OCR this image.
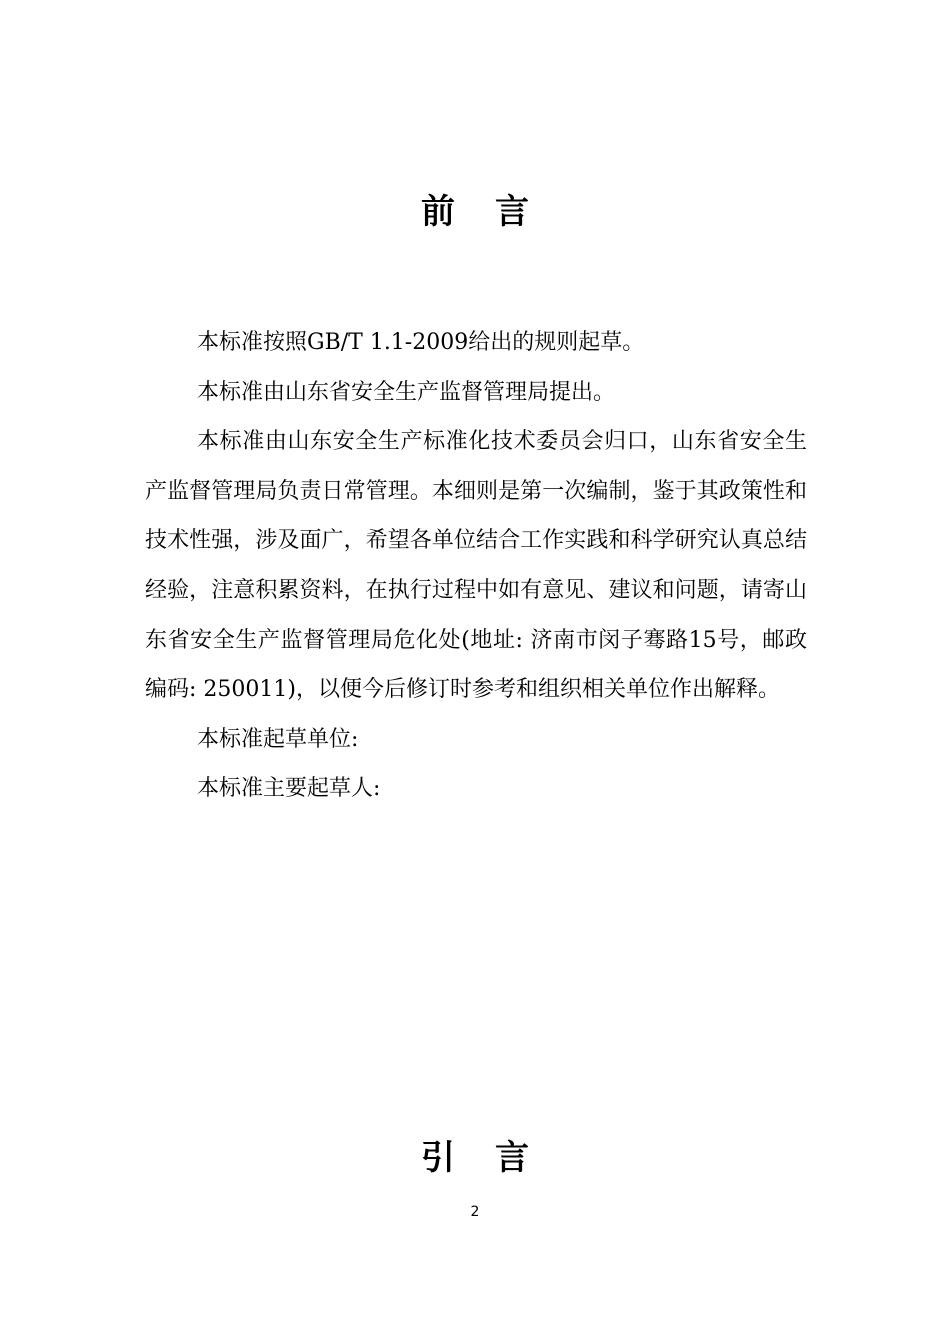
前 言

本标准按照GB/T 1.1-2009给出的规则起草。

本标准由山东省安全生产监督管理局提出。

本标准由山东安全生产标准化技术委员会归口，山东省安全生产监督管理局负责日常管理。本细则是第一次编制，鉴于其政策性和技术性强，涉及面广，希望各单位结合工作实践和科学研究认真总结经验，注意积累资料，在执行过程中如有意见、建议和问题，请寄山东省安全生产监督管理局危化处(地址: 济南市闵子骞路15号，邮政编码: 250011)，以便今后修订时参考和组织相关单位作出解释。

本标准起草单位:

本标准主要起草人:

引 言
2
